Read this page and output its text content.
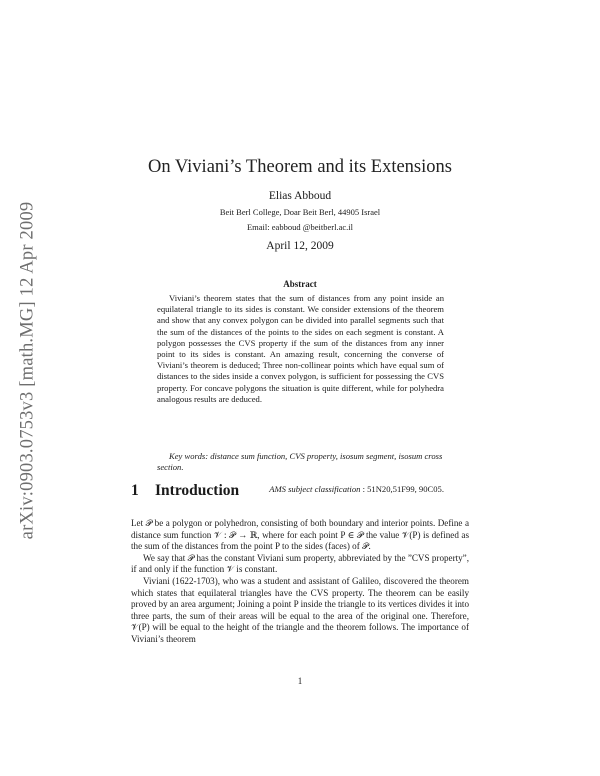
arXiv:0903.0753v3 [math.MG] 12 Apr 2009
On Viviani’s Theorem and its Extensions
Elias Abboud
Beit Berl College, Doar Beit Berl, 44905 Israel
Email: eabboud @beitberl.ac.il
April 12, 2009
Abstract
Viviani’s theorem states that the sum of distances from any point inside an equilateral triangle to its sides is constant. We consider extensions of the theorem and show that any convex polygon can be divided into parallel segments such that the sum of the distances of the points to the sides on each segment is constant. A polygon possesses the CVS property if the sum of the distances from any inner point to its sides is constant. An amazing result, concerning the converse of Viviani’s theorem is deduced; Three non-collinear points which have equal sum of distances to the sides inside a convex polygon, is sufficient for possessing the CVS property. For concave polygons the situation is quite different, while for polyhedra analogous results are deduced.
Key words: distance sum function, CVS property, isosum segment, isosum cross section.
AMS subject classification : 51N20,51F99, 90C05.
1 Introduction

Let 𝒫 be a polygon or polyhedron, consisting of both boundary and interior points. Define a distance sum function 𝒱 : 𝒫 → ℝ, where for each point P ∈ 𝒫 the value 𝒱(P) is defined as the sum of the distances from the point P to the sides (faces) of 𝒫.

We say that 𝒫 has the constant Viviani sum property, abbreviated by the ”CVS property”, if and only if the function 𝒱 is constant.

Viviani (1622-1703), who was a student and assistant of Galileo, discovered the theorem which states that equilateral triangles have the CVS property. The theorem can be easily proved by an area argument; Joining a point P inside the triangle to its vertices divides it into three parts, the sum of their areas will be equal to the area of the original one. Therefore, 𝒱(P) will be equal to the height of the triangle and the theorem follows. The importance of Viviani’s theorem

1
